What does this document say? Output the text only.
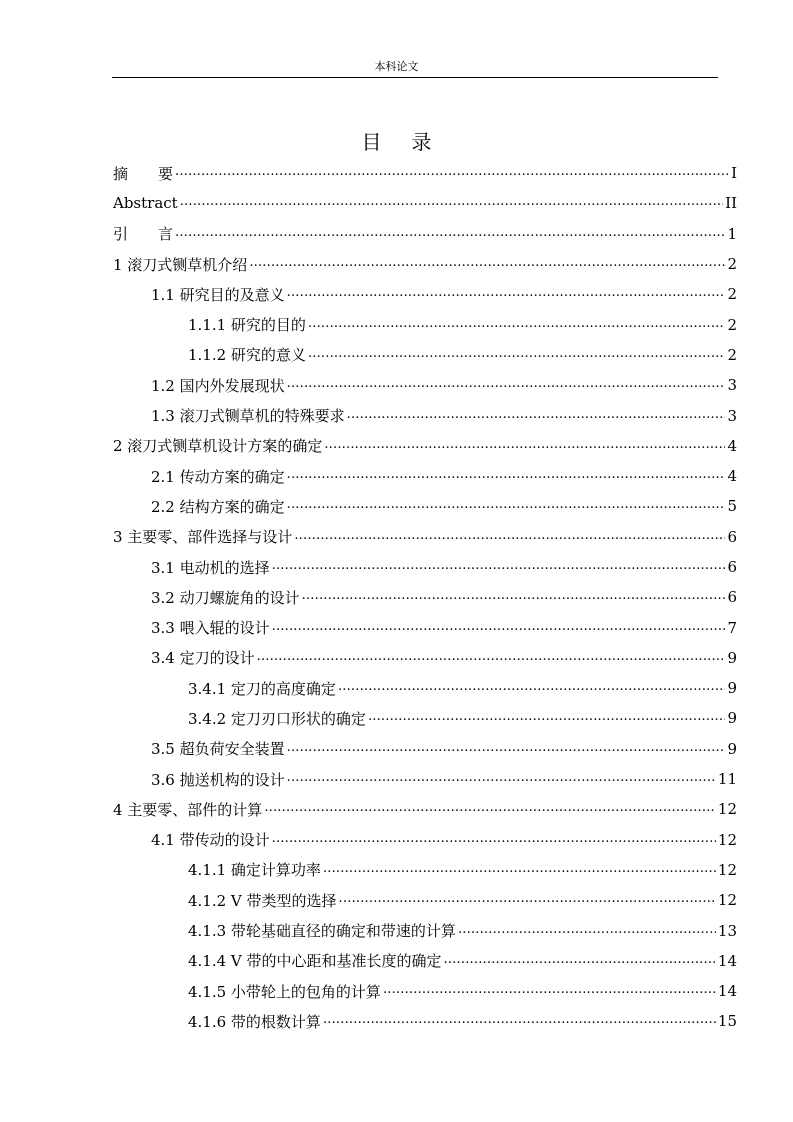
本科论文
目 录
摘　　要 .....	I
Abstract .....	II
引　　言 .....	1
1 滚刀式铡草机介绍 .....	2
1.1 研究目的及意义 .....	2
1.1.1 研究的目的 .....	2
1.1.2 研究的意义 .....	2
1.2 国内外发展现状 .....	3
1.3 滚刀式铡草机的特殊要求 .....	3
2 滚刀式铡草机设计方案的确定 .....	4
2.1 传动方案的确定 .....	4
2.2 结构方案的确定 .....	5
3 主要零、部件选择与设计 .....	6
3.1 电动机的选择 .....	6
3.2 动刀螺旋角的设计 .....	6
3.3 喂入辊的设计 .....	7
3.4 定刀的设计 .....	9
3.4.1 定刀的高度确定 .....	9
3.4.2 定刀刃口形状的确定 .....	9
3.5 超负荷安全装置 .....	9
3.6 抛送机构的设计 .....	11
4 主要零、部件的计算 .....	12
4.1 带传动的设计 .....	12
4.1.1 确定计算功率 .....	12
4.1.2 V 带类型的选择 .....	12
4.1.3 带轮基础直径的确定和带速的计算 .....	13
4.1.4 V 带的中心距和基准长度的确定 .....	14
4.1.5 小带轮上的包角的计算 .....	14
4.1.6 带的根数计算 .....	15
